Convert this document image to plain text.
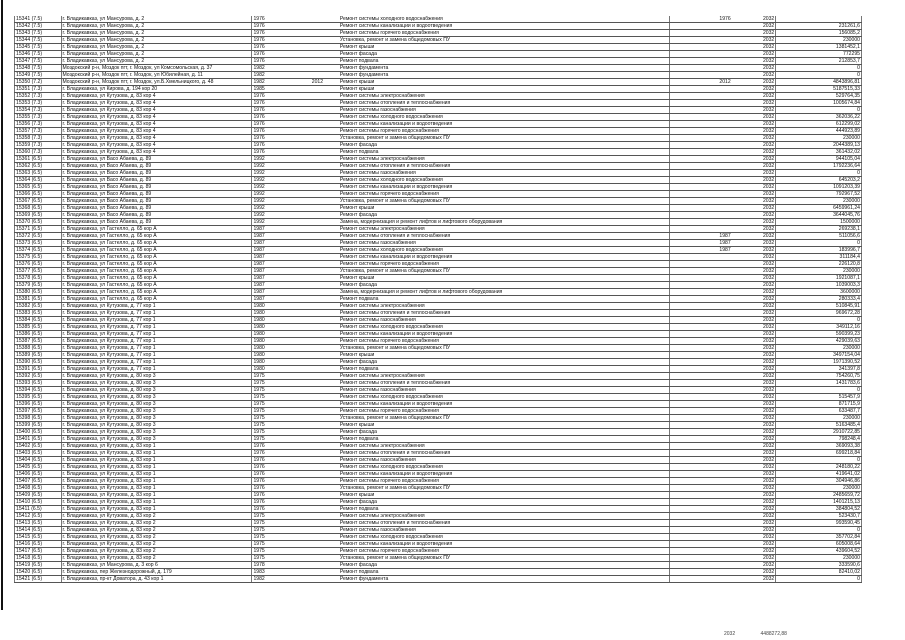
15341 (7.5)	г. Владикавказ, ул Мансурова, д. 2	1976		Ремонт системы холодного водоснабжения	1976	2032	
15342 (7.5)	г. Владикавказ, ул Мансурова, д. 2	1976		Ремонт системы канализации и водоотведения		2032	231261,6
15343 (7.5)	г. Владикавказ, ул Мансурова, д. 2	1976		Ремонт системы горячего водоснабжения		2032	156085,2
15344 (7.5)	г. Владикавказ, ул Мансурова, д. 2	1976		Установка, ремонт и замена общедомовых ПУ		2032	230000
15345 (7.5)	г. Владикавказ, ул Мансурова, д. 2	1976		Ремонт крыши		2032	1381452,1
15346 (7.5)	г. Владикавказ, ул Мансурова, д. 2	1976		Ремонт фасада		2032	772295
15347 (7.5)	г. Владикавказ, ул Мансурова, д. 2	1976		Ремонт подвала		2032	212853,7
15348 (7.5)	Моздокский р-н, Моздок пгт, г. Моздок, ул Комсомольская, д. 37	1982		Ремонт фундамента		2032	0
15349 (7.5)	Моздокский р-н, Моздок пгт, г. Моздок, ул Юбилейная, д. 11	1982		Ремонт фундамента		2032	0
15350 (7.2)	Моздокский р-н, Моздок пгт, г. Моздок, ул.Б.Хмельницкого, д. 48	1982	2012	Ремонт крыши	2012	2032	4843896,81
15351 (7.3)	г. Владикавказ, ул Кирова, д. 194 кор 20	1985		Ремонт крыши		2032	5187515,33
15352 (7.3)	г. Владикавказ, ул Кутузова, д. 83 кор 4	1976		Ремонт системы электроснабжения		2032	529764,35
15353 (7.3)	г. Владикавказ, ул Кутузова, д. 83 кор 4	1976		Ремонт системы отопления и теплоснабжения		2032	1005674,84
15354 (7.3)	г. Владикавказ, ул Кутузова, д. 83 кор 4	1976		Ремонт системы газоснабжения		2032	0
15355 (7.3)	г. Владикавказ, ул Кутузова, д. 83 кор 4	1976		Ремонт системы холодного водоснабжения		2032	362036,22
15356 (7.3)	г. Владикавказ, ул Кутузова, д. 83 кор 4	1976		Ремонт системы канализации и водоотведения		2032	612299,02
15357 (7.3)	г. Владикавказ, ул Кутузова, д. 83 кор 4	1976		Ремонт системы горячего водоснабжения		2032	444923,89
15358 (7.3)	г. Владикавказ, ул Кутузова, д. 83 кор 4	1976		Установка, ремонт и замена общедомовых ПУ		2032	230000
15359 (7.3)	г. Владикавказ, ул Кутузова, д. 83 кор 4	1976		Ремонт фасада		2032	2044389,13
15360 (7.3)	г. Владикавказ, ул Кутузова, д. 83 кор 4	1976		Ремонт подвала		2032	361432,02
15361 (6.5)	г. Владикавказ, ул Ваco Абаева, д. 89	1992		Ремонт системы электроснабжения		2032	944105,04
15362 (6.5)	г. Владикавказ, ул Ваco Абаева, д. 89	1992		Ремонт системы отопления и теплоснабжения		2032	1792236,64
15363 (6.5)	г. Владикавказ, ул Ваco Абаева, д. 89	1992		Ремонт системы газоснабжения		2032	0
15364 (6.5)	г. Владикавказ, ул Ваco Абаева, д. 89	1992		Ремонт системы холодного водоснабжения		2032	645203,2
15365 (6.5)	г. Владикавказ, ул Ваco Абаева, д. 89	1992		Ремонт системы канализации и водоотведения		2032	1091203,39
15366 (6.5)	г. Владикавказ, ул Ваco Абаева, д. 89	1992		Ремонт системы горячего водоснабжения		2032	792967,52
15367 (6.5)	г. Владикавказ, ул Ваco Абаева, д. 89	1992		Установка, ремонт и замена общедомовых ПУ		2032	230000
15368 (6.5)	г. Владикавказ, ул Ваco Абаева, д. 89	1992		Ремонт крыши		2032	6459961,24
15369 (6.5)	г. Владикавказ, ул Ваco Абаева, д. 89	1992		Ремонт фасада		2032	3644045,76
15370 (6.5)	г. Владикавказ, ул Ваco Абаева, д. 89	1992		Замена, модернизация и ремонт лифтов и лифтового оборудования		2032	1500000
15371 (6.5)	г. Владикавказ, ул Гастелло, д. 65 кор А	1987		Ремонт системы электроснабжения		2032	269238,1
15372 (6.5)	г. Владикавказ, ул Гастелло, д. 65 кор А	1987		Ремонт системы отопления и теплоснабжения	1987	2032	511056,6
15373 (6.5)	г. Владикавказ, ул Гастелло, д. 65 кор А	1987		Ремонт системы газоснабжения	1987	2032	0
15374 (6.5)	г. Владикавказ, ул Гастелло, д. 65 кор А	1987		Ремонт системы холодного водоснабжения	1987	2032	183996,7
15375 (6.5)	г. Владикавказ, ул Гастелло, д. 65 кор А	1987		Ремонт системы канализации и водоотведения		2032	311184,4
15376 (6.5)	г. Владикавказ, ул Гастелло, д. 65 кор А	1987		Ремонт системы горячего водоснабжения		2032	226120,8
15377 (6.5)	г. Владикавказ, ул Гастелло, д. 65 кор А	1987		Установка, ремонт и замена общедомовых ПУ		2032	230000
15378 (6.5)	г. Владикавказ, ул Гастелло, д. 65 кор А	1987		Ремонт крыши		2032	1921087,1
15379 (6.5)	г. Владикавказ, ул Гастелло, д. 65 кор А	1987		Ремонт фасада		2032	1039003,3
15380 (6.5)	г. Владикавказ, ул Гастелло, д. 65 кор А	1987		Замена, модернизация и ремонт лифтов и лифтового оборудования		2032	3600000
15381 (6.5)	г. Владикавказ, ул Гастелло, д. 65 кор А	1987		Ремонт подвала		2032	280333,4
15382 (6.5)	г. Владикавказ, ул Кутузова, д. 77 кор 1	1980		Ремонт системы электроснабжения		2032	510845,91
15383 (6.5)	г. Владикавказ, ул Кутузова, д. 77 кор 1	1980		Ремонт системы отопления и теплоснабжения		2032	969672,28
15384 (6.5)	г. Владикавказ, ул Кутузова, д. 77 кор 1	1980		Ремонт системы газоснабжения		2032	0
15385 (6.5)	г. Владикавказ, ул Кутузова, д. 77 кор 1	1980		Ремонт системы холодного водоснабжения		2032	349112,16
15386 (6.5)	г. Владикавказ, ул Кутузова, д. 77 кор 1	1980		Ремонт системы канализации и водоотведения		2032	590399,23
15387 (6.5)	г. Владикавказ, ул Кутузова, д. 77 кор 1	1980		Ремонт системы горячего водоснабжения		2032	429039,63
15388 (6.5)	г. Владикавказ, ул Кутузова, д. 77 кор 1	1980		Установка, ремонт и замена общедомовых ПУ		2032	230000
15389 (6.5)	г. Владикавказ, ул Кутузова, д. 77 кор 1	1980		Ремонт крыши		2032	3497154,04
15390 (6.5)	г. Владикавказ, ул Кутузова, д. 77 кор 1	1980		Ремонт фасада		2032	1971390,52
15391 (6.5)	г. Владикавказ, ул Кутузова, д. 77 кор 1	1980		Ремонт подвала		2032	341397,8
15392 (6.5)	г. Владикавказ, ул Кутузова, д. 80 кор 3	1975		Ремонт системы электроснабжения		2032	754260,75
15393 (6.5)	г. Владикавказ, ул Кутузова, д. 80 кор 3	1975		Ремонт системы отопления и теплоснабжения		2032	1431783,6
15394 (6.5)	г. Владикавказ, ул Кутузова, д. 80 кор 3	1975		Ремонт системы газоснабжения		2032	0
15395 (6.5)	г. Владикавказ, ул Кутузова, д. 80 кор 3	1975		Ремонт системы холодного водоснабжения		2032	515457,9
15396 (6.5)	г. Владикавказ, ул Кутузова, д. 80 кор 3	1975		Ремонт системы канализации и водоотведения		2032	871715,9
15397 (6.5)	г. Владикавказ, ул Кутузова, д. 80 кор 3	1975		Ремонт системы горячего водоснабжения		2032	633487,7
15398 (6.5)	г. Владикавказ, ул Кутузова, д. 80 кор 3	1975		Установка, ремонт и замена общедомовых ПУ		2032	230000
15399 (6.5)	г. Владикавказ, ул Кутузова, д. 80 кор 3	1975		Ремонт крыши		2032	5163485,4
15400 (6.5)	г. Владикавказ, ул Кутузова, д. 80 кор 3	1975		Ремонт фасада		2032	2910722,85
15401 (6.5)	г. Владикавказ, ул Кутузова, д. 80 кор 3	1975		Ремонт подвала		2032	798248,4
15402 (6.5)	г. Владикавказ, ул Кутузова, д. 83 кор 1	1976		Ремонт системы электроснабжения		2032	369093,38
15403 (6.5)	г. Владикавказ, ул Кутузова, д. 83 кор 1	1976		Ремонт системы отопления и теплоснабжения		2032	699218,84
15404 (6.5)	г. Владикавказ, ул Кутузова, д. 83 кор 1	1976		Ремонт системы газоснабжения		2032	0
15405 (6.5)	г. Владикавказ, ул Кутузова, д. 83 кор 1	1976		Ремонт системы холодного водоснабжения		2032	248180,22
15406 (6.5)	г. Владикавказ, ул Кутузова, д. 83 кор 1	1976		Ремонт системы канализации и водоотведения		2032	419641,02
15407 (6.5)	г. Владикавказ, ул Кутузова, д. 83 кор 1	1976		Ремонт системы горячего водоснабжения		2032	304946,86
15408 (6.5)	г. Владикавказ, ул Кутузова, д. 83 кор 1	1976		Установка, ремонт и замена общедомовых ПУ		2032	230000
15409 (6.5)	г. Владикавказ, ул Кутузова, д. 83 кор 1	1976		Ремонт крыши		2032	2485659,72
15410 (6.5)	г. Владикавказ, ул Кутузова, д. 83 кор 1	1976		Ремонт фасада		2032	1401215,13
15411 (6.5)	г. Владикавказ, ул Кутузова, д. 83 кор 1	1976		Ремонт подвала		2032	384804,52
15412 (6.5)	г. Владикавказ, ул Кутузова, д. 83 кор 2	1975		Ремонт системы электроснабжения		2032	523430,7
15413 (6.5)	г. Владикавказ, ул Кутузова, д. 83 кор 2	1975		Ремонт системы отопления и теплоснабжения		2032	993590,45
15414 (6.5)	г. Владикавказ, ул Кутузова, д. 83 кор 2	1975		Ремонт системы газоснабжения		2032	0
15415 (6.5)	г. Владикавказ, ул Кутузова, д. 83 кор 2	1975		Ремонт системы холодного водоснабжения		2032	357702,84
15416 (6.5)	г. Владикавказ, ул Кутузова, д. 83 кор 2	1975		Ремонт системы канализации и водоотведения		2032	605008,64
15417 (6.5)	г. Владикавказ, ул Кутузова, д. 83 кор 2	1975		Ремонт системы горячего водоснабжения		2032	439604,52
15418 (6.5)	г. Владикавказ, ул Кутузова, д. 83 кор 2	1975		Установка, ремонт и замена общедомовых ПУ		2032	230000
15419 (6.5)	г. Владикавказ, ул Мансурова, д. 3 кор 6	1978		Ремонт фасада		2032	333590,6
15420 (6.5)	г. Владикавказ, пер Железнодорожный, д. 179	1983		Ремонт подвала		2032	82410,02
15421 (6.5)	г. Владикавказ, пр-кт Доватора, д. 43 кор 1	1982		Ремонт фундамента		2032	0
2032	4488272,88
